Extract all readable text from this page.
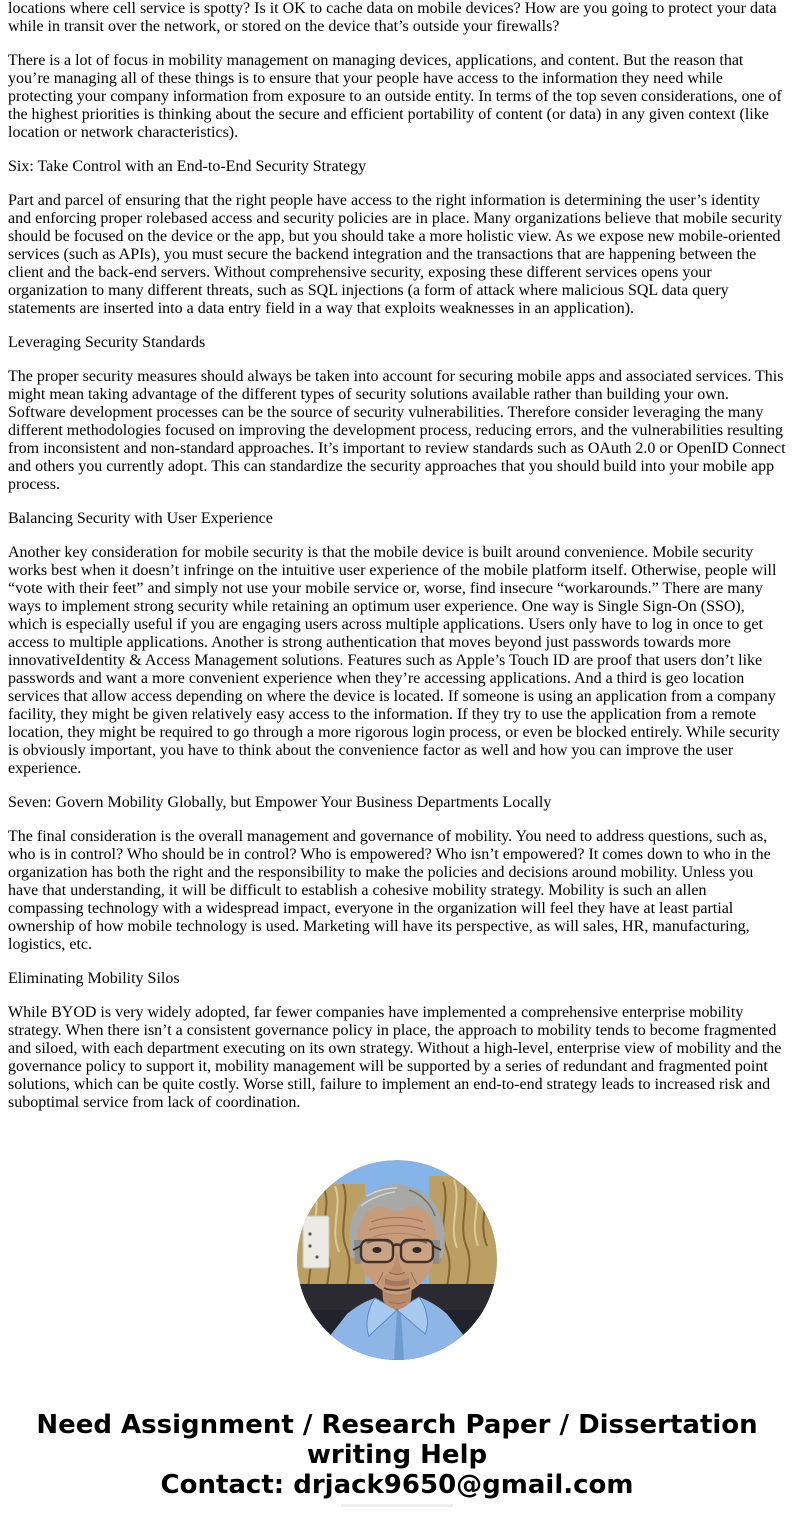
locations where cell service is spotty? Is it OK to cache data on mobile devices? How are you going to protect your data while in transit over the network, or stored on the device that’s outside your firewalls?

There is a lot of focus in mobility management on managing devices, applications, and content. But the reason that you’re managing all of these things is to ensure that your people have access to the information they need while protecting your company information from exposure to an outside entity. In terms of the top seven considerations, one of the highest priorities is thinking about the secure and efficient portability of content (or data) in any given context (like location or network characteristics).

Six: Take Control with an End-to-End Security Strategy

Part and parcel of ensuring that the right people have access to the right information is determining the user’s identity and enforcing proper rolebased access and security policies are in place. Many organizations believe that mobile security should be focused on the device or the app, but you should take a more holistic view. As we expose new mobile-oriented services (such as APIs), you must secure the backend integration and the transactions that are happening between the client and the back-end servers. Without comprehensive security, exposing these different services opens your organization to many different threats, such as SQL injections (a form of attack where malicious SQL data query statements are inserted into a data entry field in a way that exploits weaknesses in an application).

Leveraging Security Standards

The proper security measures should always be taken into account for securing mobile apps and associated services. This might mean taking advantage of the different types of security solutions available rather than building your own. Software development processes can be the source of security vulnerabilities. Therefore consider leveraging the many different methodologies focused on improving the development process, reducing errors, and the vulnerabilities resulting from inconsistent and non-standard approaches. It’s important to review standards such as OAuth 2.0 or OpenID Connect and others you currently adopt. This can standardize the security approaches that you should build into your mobile app process.

Balancing Security with User Experience

Another key consideration for mobile security is that the mobile device is built around convenience. Mobile security works best when it doesn’t infringe on the intuitive user experience of the mobile platform itself. Otherwise, people will “vote with their feet” and simply not use your mobile service or, worse, find insecure “workarounds.” There are many ways to implement strong security while retaining an optimum user experience. One way is Single Sign-On (SSO), which is especially useful if you are engaging users across multiple applications. Users only have to log in once to get access to multiple applications. Another is strong authentication that moves beyond just passwords towards more innovativeIdentity & Access Management solutions. Features such as Apple’s Touch ID are proof that users don’t like passwords and want a more convenient experience when they’re accessing applications. And a third is geo location services that allow access depending on where the device is located. If someone is using an application from a company facility, they might be given relatively easy access to the information. If they try to use the application from a remote location, they might be required to go through a more rigorous login process, or even be blocked entirely. While security is obviously important, you have to think about the convenience factor as well and how you can improve the user experience.

Seven: Govern Mobility Globally, but Empower Your Business Departments Locally

The final consideration is the overall management and governance of mobility. You need to address questions, such as, who is in control? Who should be in control? Who is empowered? Who isn’t empowered? It comes down to who in the organization has both the right and the responsibility to make the policies and decisions around mobility. Unless you have that understanding, it will be difficult to establish a cohesive mobility strategy. Mobility is such an allen compassing technology with a widespread impact, everyone in the organization will feel they have at least partial ownership of how mobile technology is used. Marketing will have its perspective, as will sales, HR, manufacturing, logistics, etc.

Eliminating Mobility Silos

While BYOD is very widely adopted, far fewer companies have implemented a comprehensive enterprise mobility strategy. When there isn’t a consistent governance policy in place, the approach to mobility tends to become fragmented and siloed, with each department executing on its own strategy. Without a high-level, enterprise view of mobility and the governance policy to support it, mobility management will be supported by a series of redundant and fragmented point solutions, which can be quite costly. Worse still, failure to implement an end-to-end strategy leads to increased risk and suboptimal service from lack of coordination.

Need Assignment / Research Paper / Dissertation
writing Help
Contact: drjack9650@gmail.com
